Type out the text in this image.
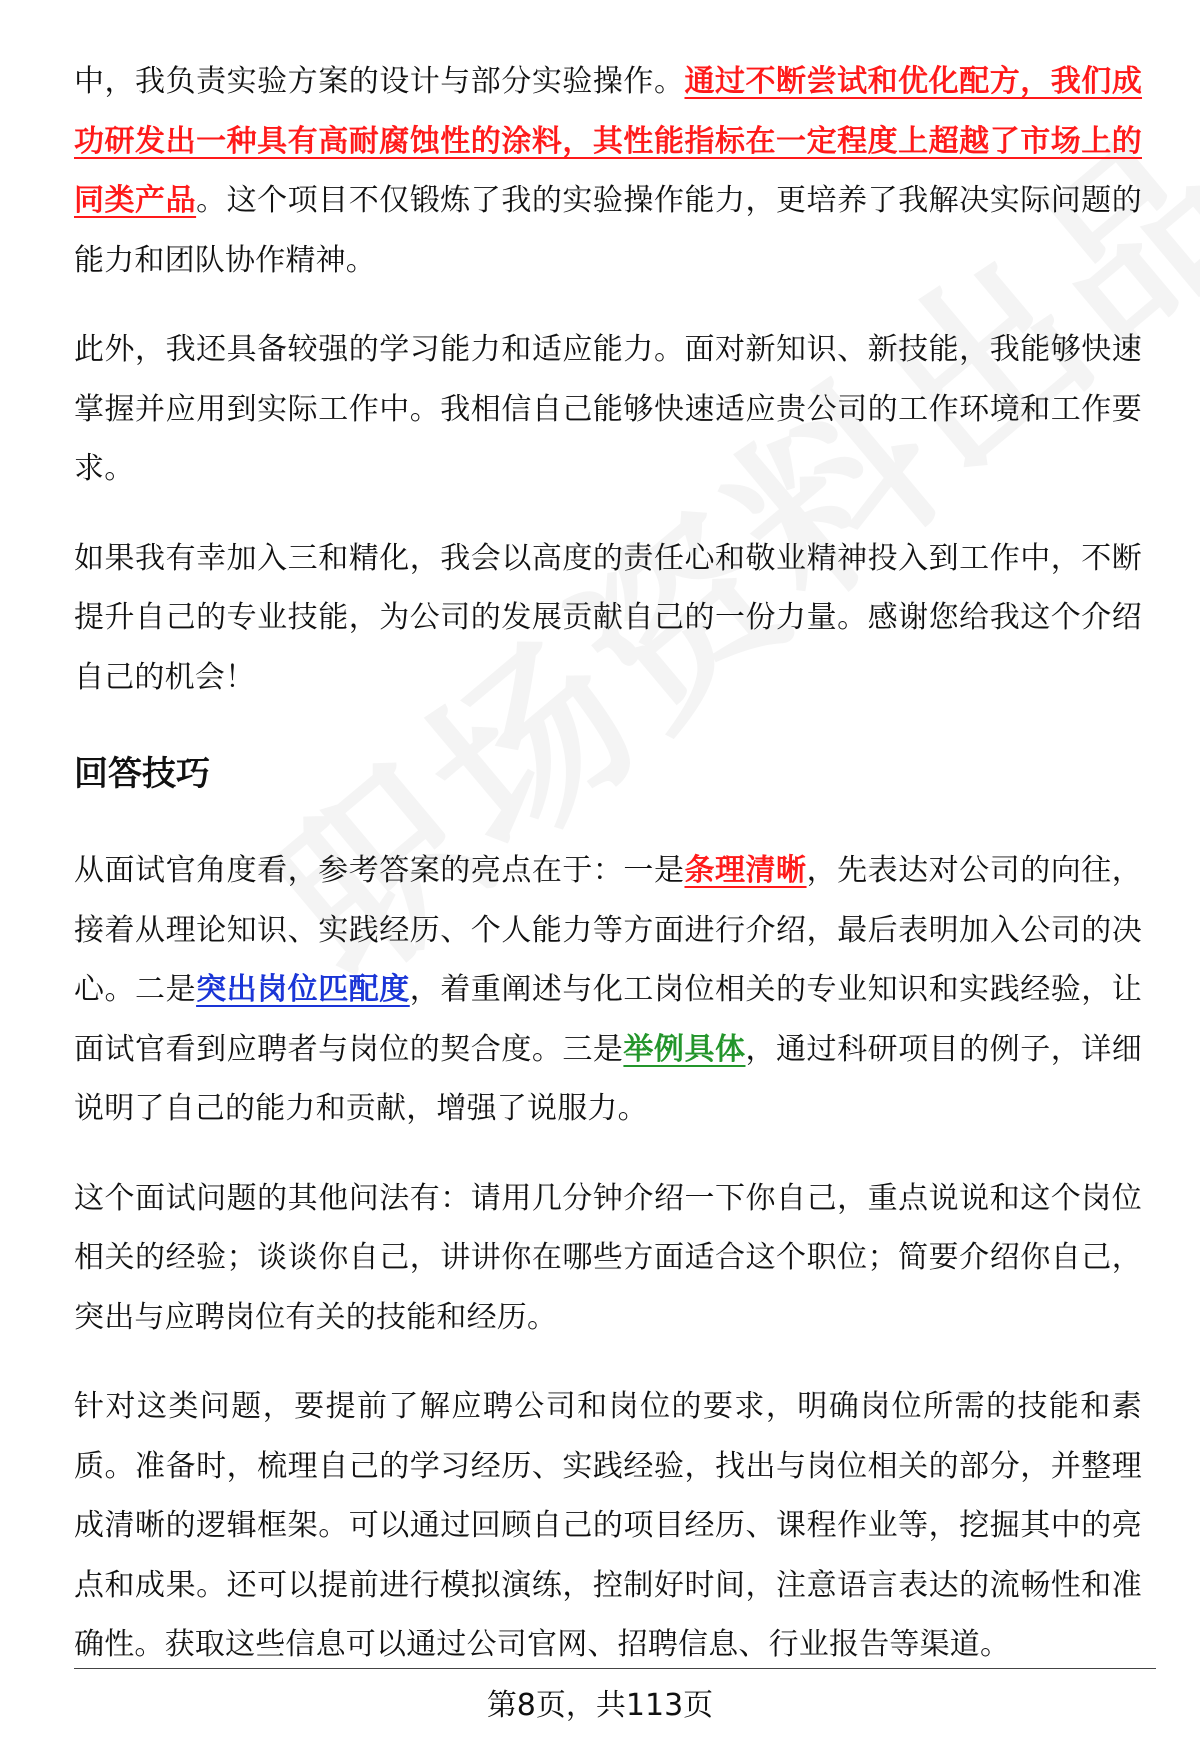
中，我负责实验方案的设计与部分实验操作。通过不断尝试和优化配方，我们成功研发出一种具有高耐腐蚀性的涂料，其性能指标在一定程度上超越了市场上的同类产品。这个项目不仅锻炼了我的实验操作能力，更培养了我解决实际问题的能力和团队协作精神。

此外，我还具备较强的学习能力和适应能力。面对新知识、新技能，我能够快速掌握并应用到实际工作中。我相信自己能够快速适应贵公司的工作环境和工作要求。

如果我有幸加入三和精化，我会以高度的责任心和敬业精神投入到工作中，不断提升自己的专业技能，为公司的发展贡献自己的一份力量。感谢您给我这个介绍自己的机会！

回答技巧

从面试官角度看，参考答案的亮点在于：一是条理清晰，先表达对公司的向往，接着从理论知识、实践经历、个人能力等方面进行介绍，最后表明加入公司的决心。二是突出岗位匹配度，着重阐述与化工岗位相关的专业知识和实践经验，让面试官看到应聘者与岗位的契合度。三是举例具体，通过科研项目的例子，详细说明了自己的能力和贡献，增强了说服力。

这个面试问题的其他问法有：请用几分钟介绍一下你自己，重点说说和这个岗位相关的经验；谈谈你自己，讲讲你在哪些方面适合这个职位；简要介绍你自己，突出与应聘岗位有关的技能和经历。

针对这类问题，要提前了解应聘公司和岗位的要求，明确岗位所需的技能和素质。准备时，梳理自己的学习经历、实践经验，找出与岗位相关的部分，并整理成清晰的逻辑框架。可以通过回顾自己的项目经历、课程作业等，挖掘其中的亮点和成果。还可以提前进行模拟演练，控制好时间，注意语言表达的流畅性和准确性。获取这些信息可以通过公司官网、招聘信息、行业报告等渠道。

第8页，共113页
